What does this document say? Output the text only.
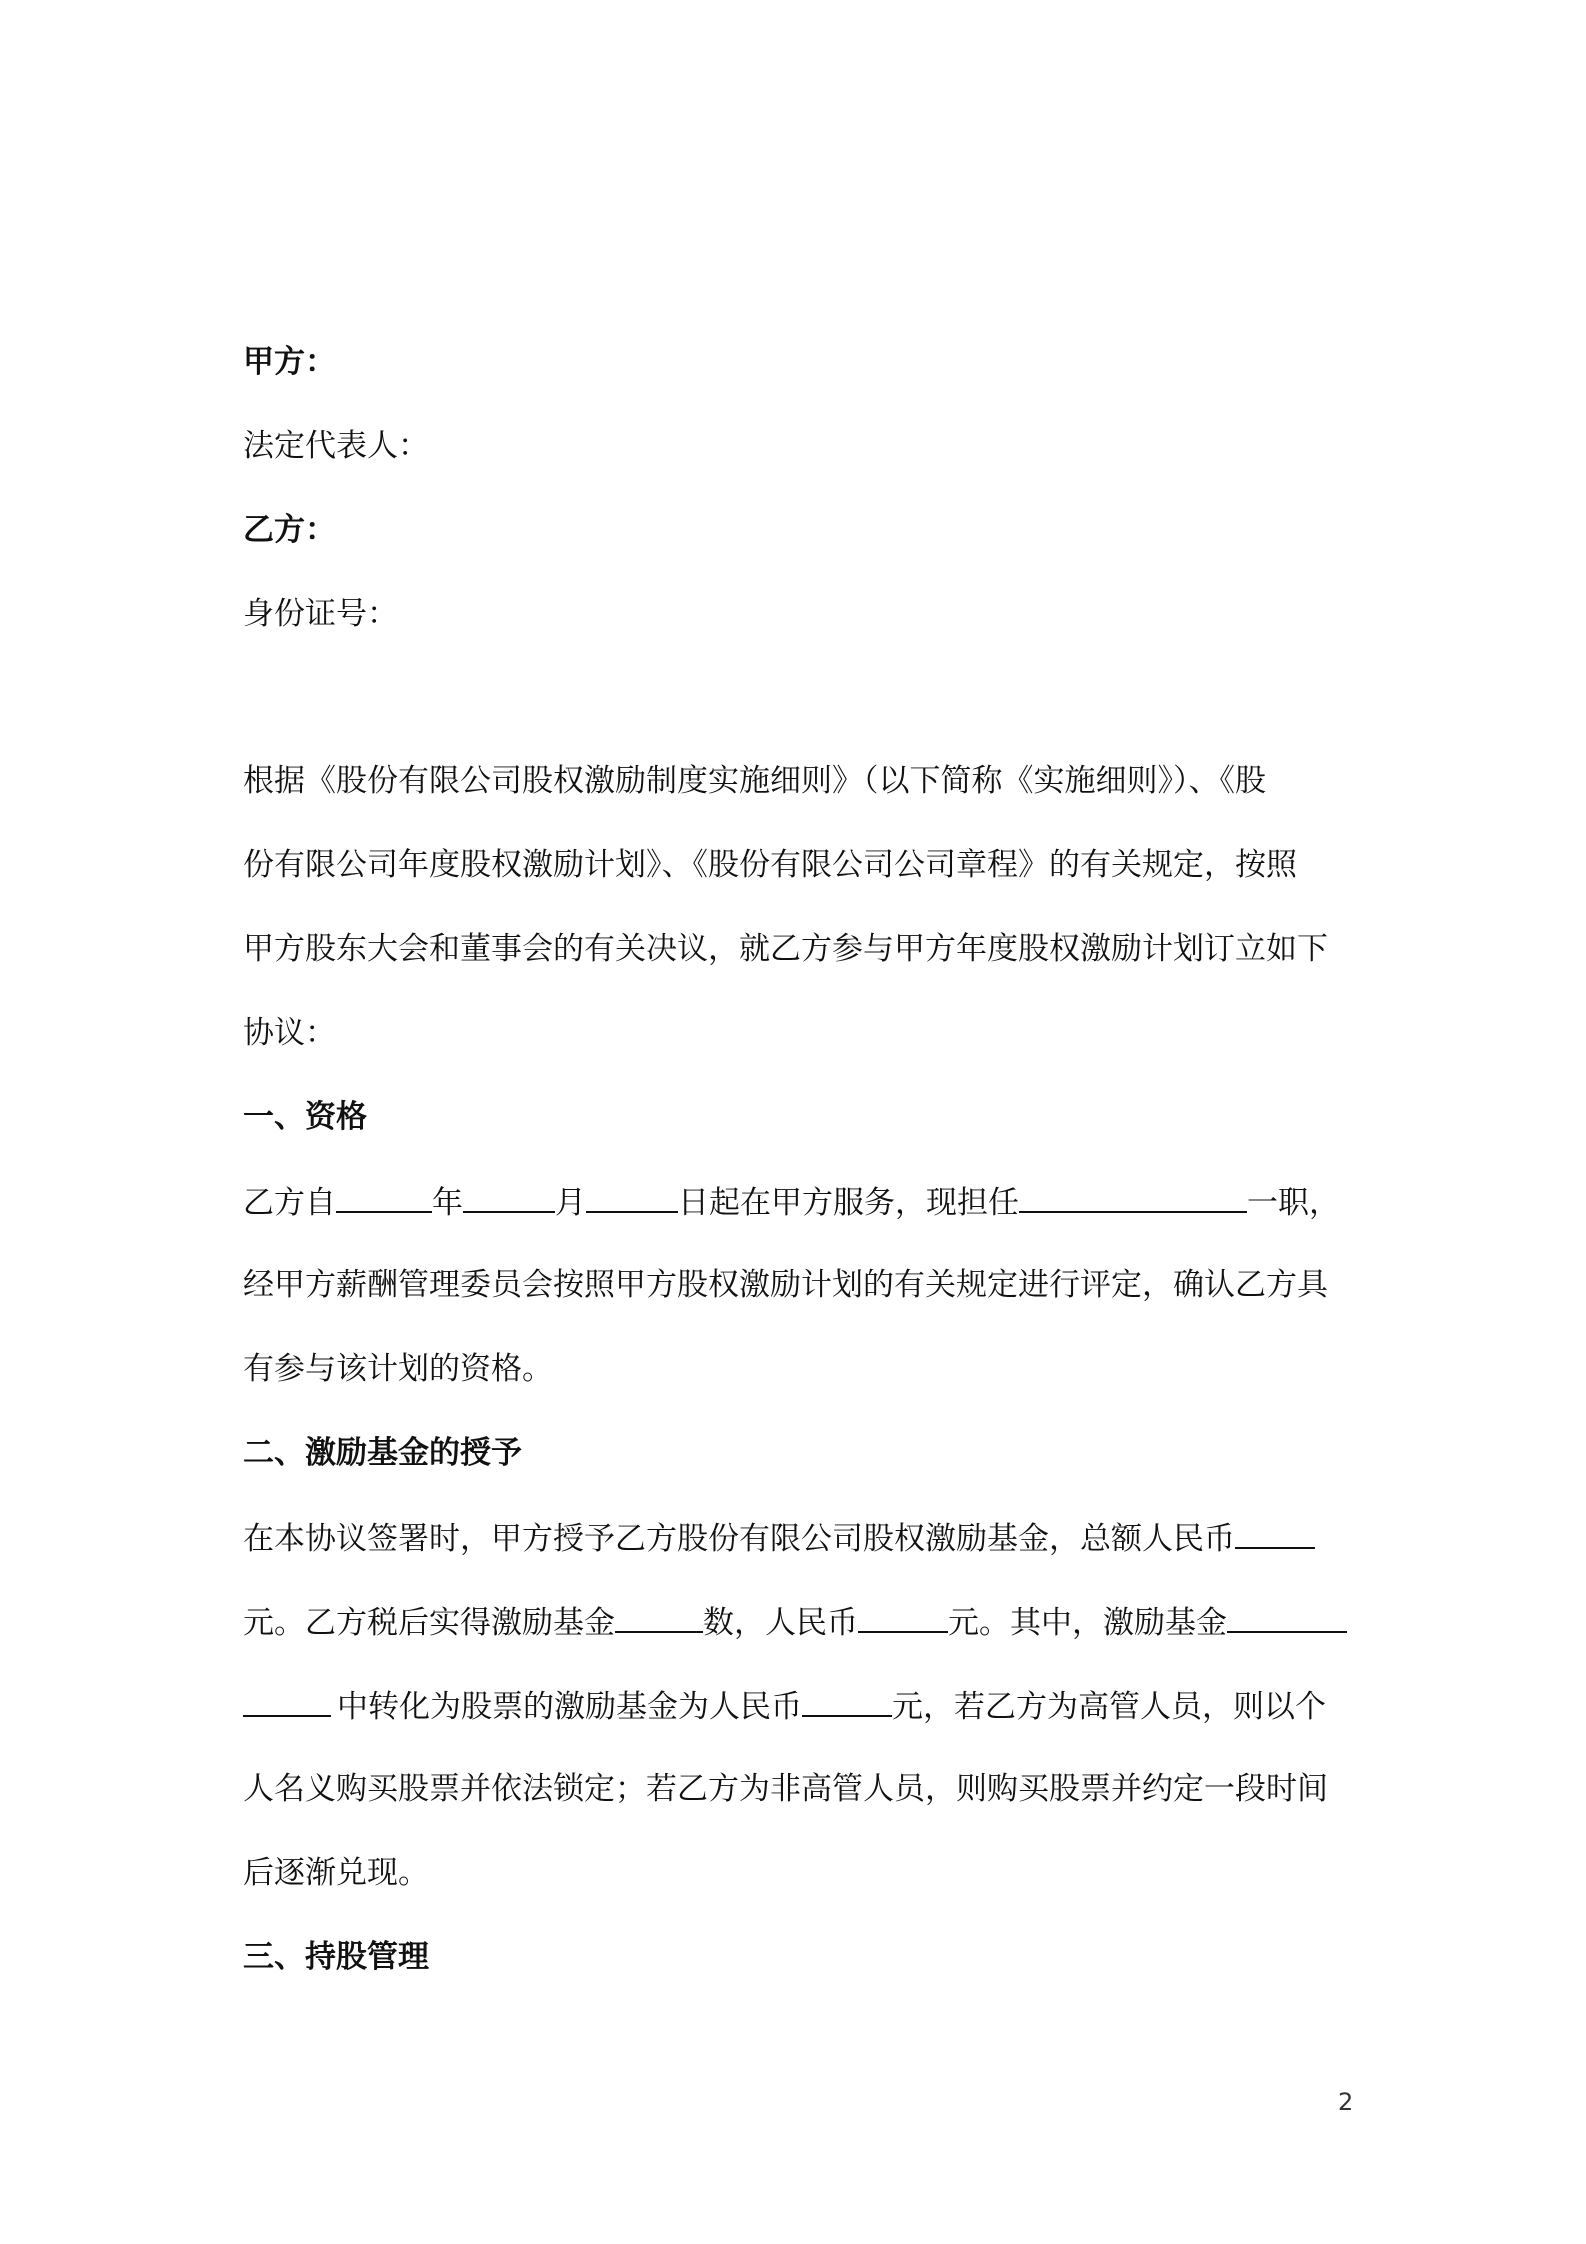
甲方：
法定代表人：
乙方：
身份证号：
根据《股份有限公司股权激励制度实施细则》（以下简称《实施细则》）、《股
份有限公司年度股权激励计划》、《股份有限公司公司章程》的有关规定，按照
甲方股东大会和董事会的有关决议，就乙方参与甲方年度股权激励计划订立如下
协议：
一、资格
乙方自	年	月	日起在甲方服务，现担任	一职，
经甲方薪酬管理委员会按照甲方股权激励计划的有关规定进行评定，确认乙方具
有参与该计划的资格。
二、激励基金的授予
在本协议签署时，甲方授予乙方股份有限公司股权激励基金，总额人民币
元。乙方税后实得激励基金	数，人民币	元。其中，激励基金
中转化为股票的激励基金为人民币	元，若乙方为高管人员，则以个
人名义购买股票并依法锁定；若乙方为非高管人员，则购买股票并约定一段时间
后逐渐兑现。
三、持股管理
2
